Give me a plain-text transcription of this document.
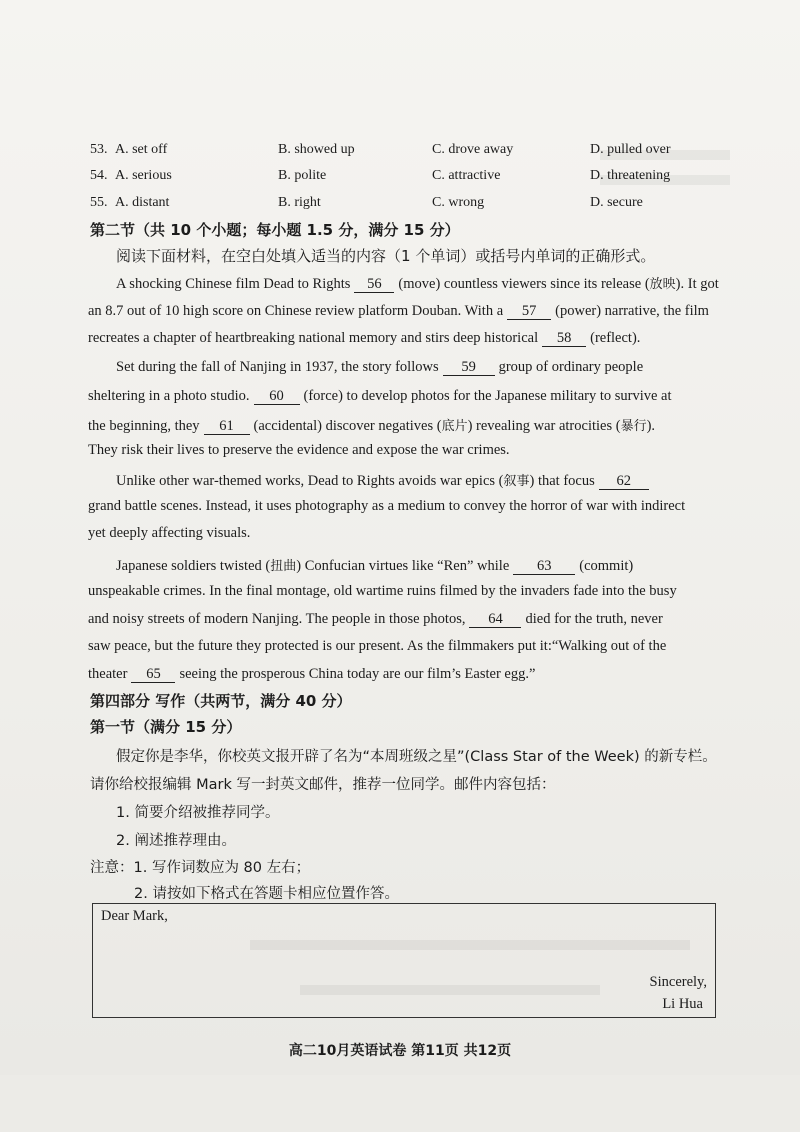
53. A. set off	B. showed up	C. drove away	D. pulled over
54. A. serious	B. polite	C. attractive	D. threatening
55. A. distant	B. right	C. wrong	D. secure
第二节（共 10 个小题；每小题 1.5 分，满分 15 分）
阅读下面材料，在空白处填入适当的内容（1 个单词）或括号内单词的正确形式。
A shocking Chinese film Dead to Rights 56 (move) countless viewers since its release (放映). It got
an 8.7 out of 10 high score on Chinese review platform Douban. With a 57 (power) narrative, the film
recreates a chapter of heartbreaking national memory and stirs deep historical 58 (reflect).
Set during the fall of Nanjing in 1937, the story follows 59 group of ordinary people
sheltering in a photo studio. 60 (force) to develop photos for the Japanese military to survive at
the beginning, they 61 (accidental) discover negatives (底片) revealing war atrocities (暴行).
They risk their lives to preserve the evidence and expose the war crimes.
Unlike other war-themed works, Dead to Rights avoids war epics (叙事) that focus 62
grand battle scenes. Instead, it uses photography as a medium to convey the horror of war with indirect
yet deeply affecting visuals.
Japanese soldiers twisted (扭曲) Confucian virtues like “Ren” while 63 (commit)
unspeakable crimes. In the final montage, old wartime ruins filmed by the invaders fade into the busy
and noisy streets of modern Nanjing. The people in those photos, 64 died for the truth, never
saw peace, but the future they protected is our present. As the filmmakers put it:“Walking out of the
theater 65 seeing the prosperous China today are our film’s Easter egg.”
第四部分 写作（共两节，满分 40 分）
第一节（满分 15 分）
假定你是李华，你校英文报开辟了名为“本周班级之星”(Class Star of the Week) 的新专栏。
请你给校报编辑 Mark 写一封英文邮件，推荐一位同学。邮件内容包括：
1. 简要介绍被推荐同学。
2. 阐述推荐理由。
注意：1. 写作词数应为 80 左右；
2. 请按如下格式在答题卡相应位置作答。
Dear Mark,
Sincerely,
Li Hua
高二10月英语试卷 第11页 共12页
